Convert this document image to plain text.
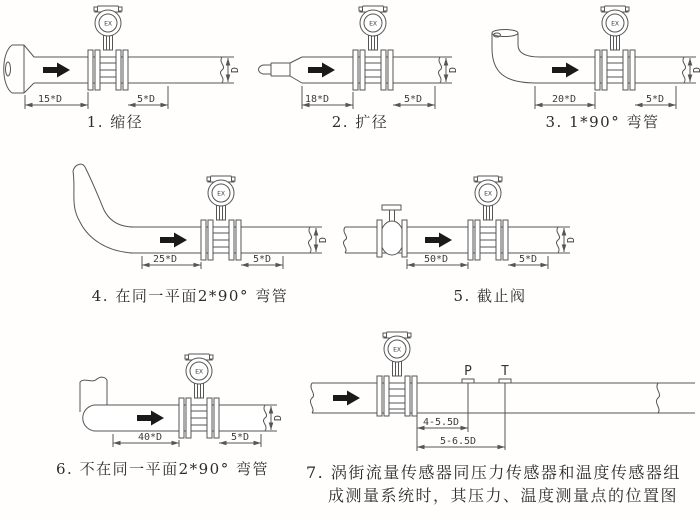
D
P T
15*D	5*D	18*D	5*D	20*D	5*D
25*D	5*D	50*D	5*D
40*D	5*D
4-5.5D
5-6.5D
1. 缩径	2. 扩径	3. 1*90° 弯管
4. 在同一平面2*90° 弯管	5. 截止阀
6. 不在同一平面2*90° 弯管	7. 涡街流量传感器同压力传感器和温度传感器组
成测量系统时，其压力、温度测量点的位置图
